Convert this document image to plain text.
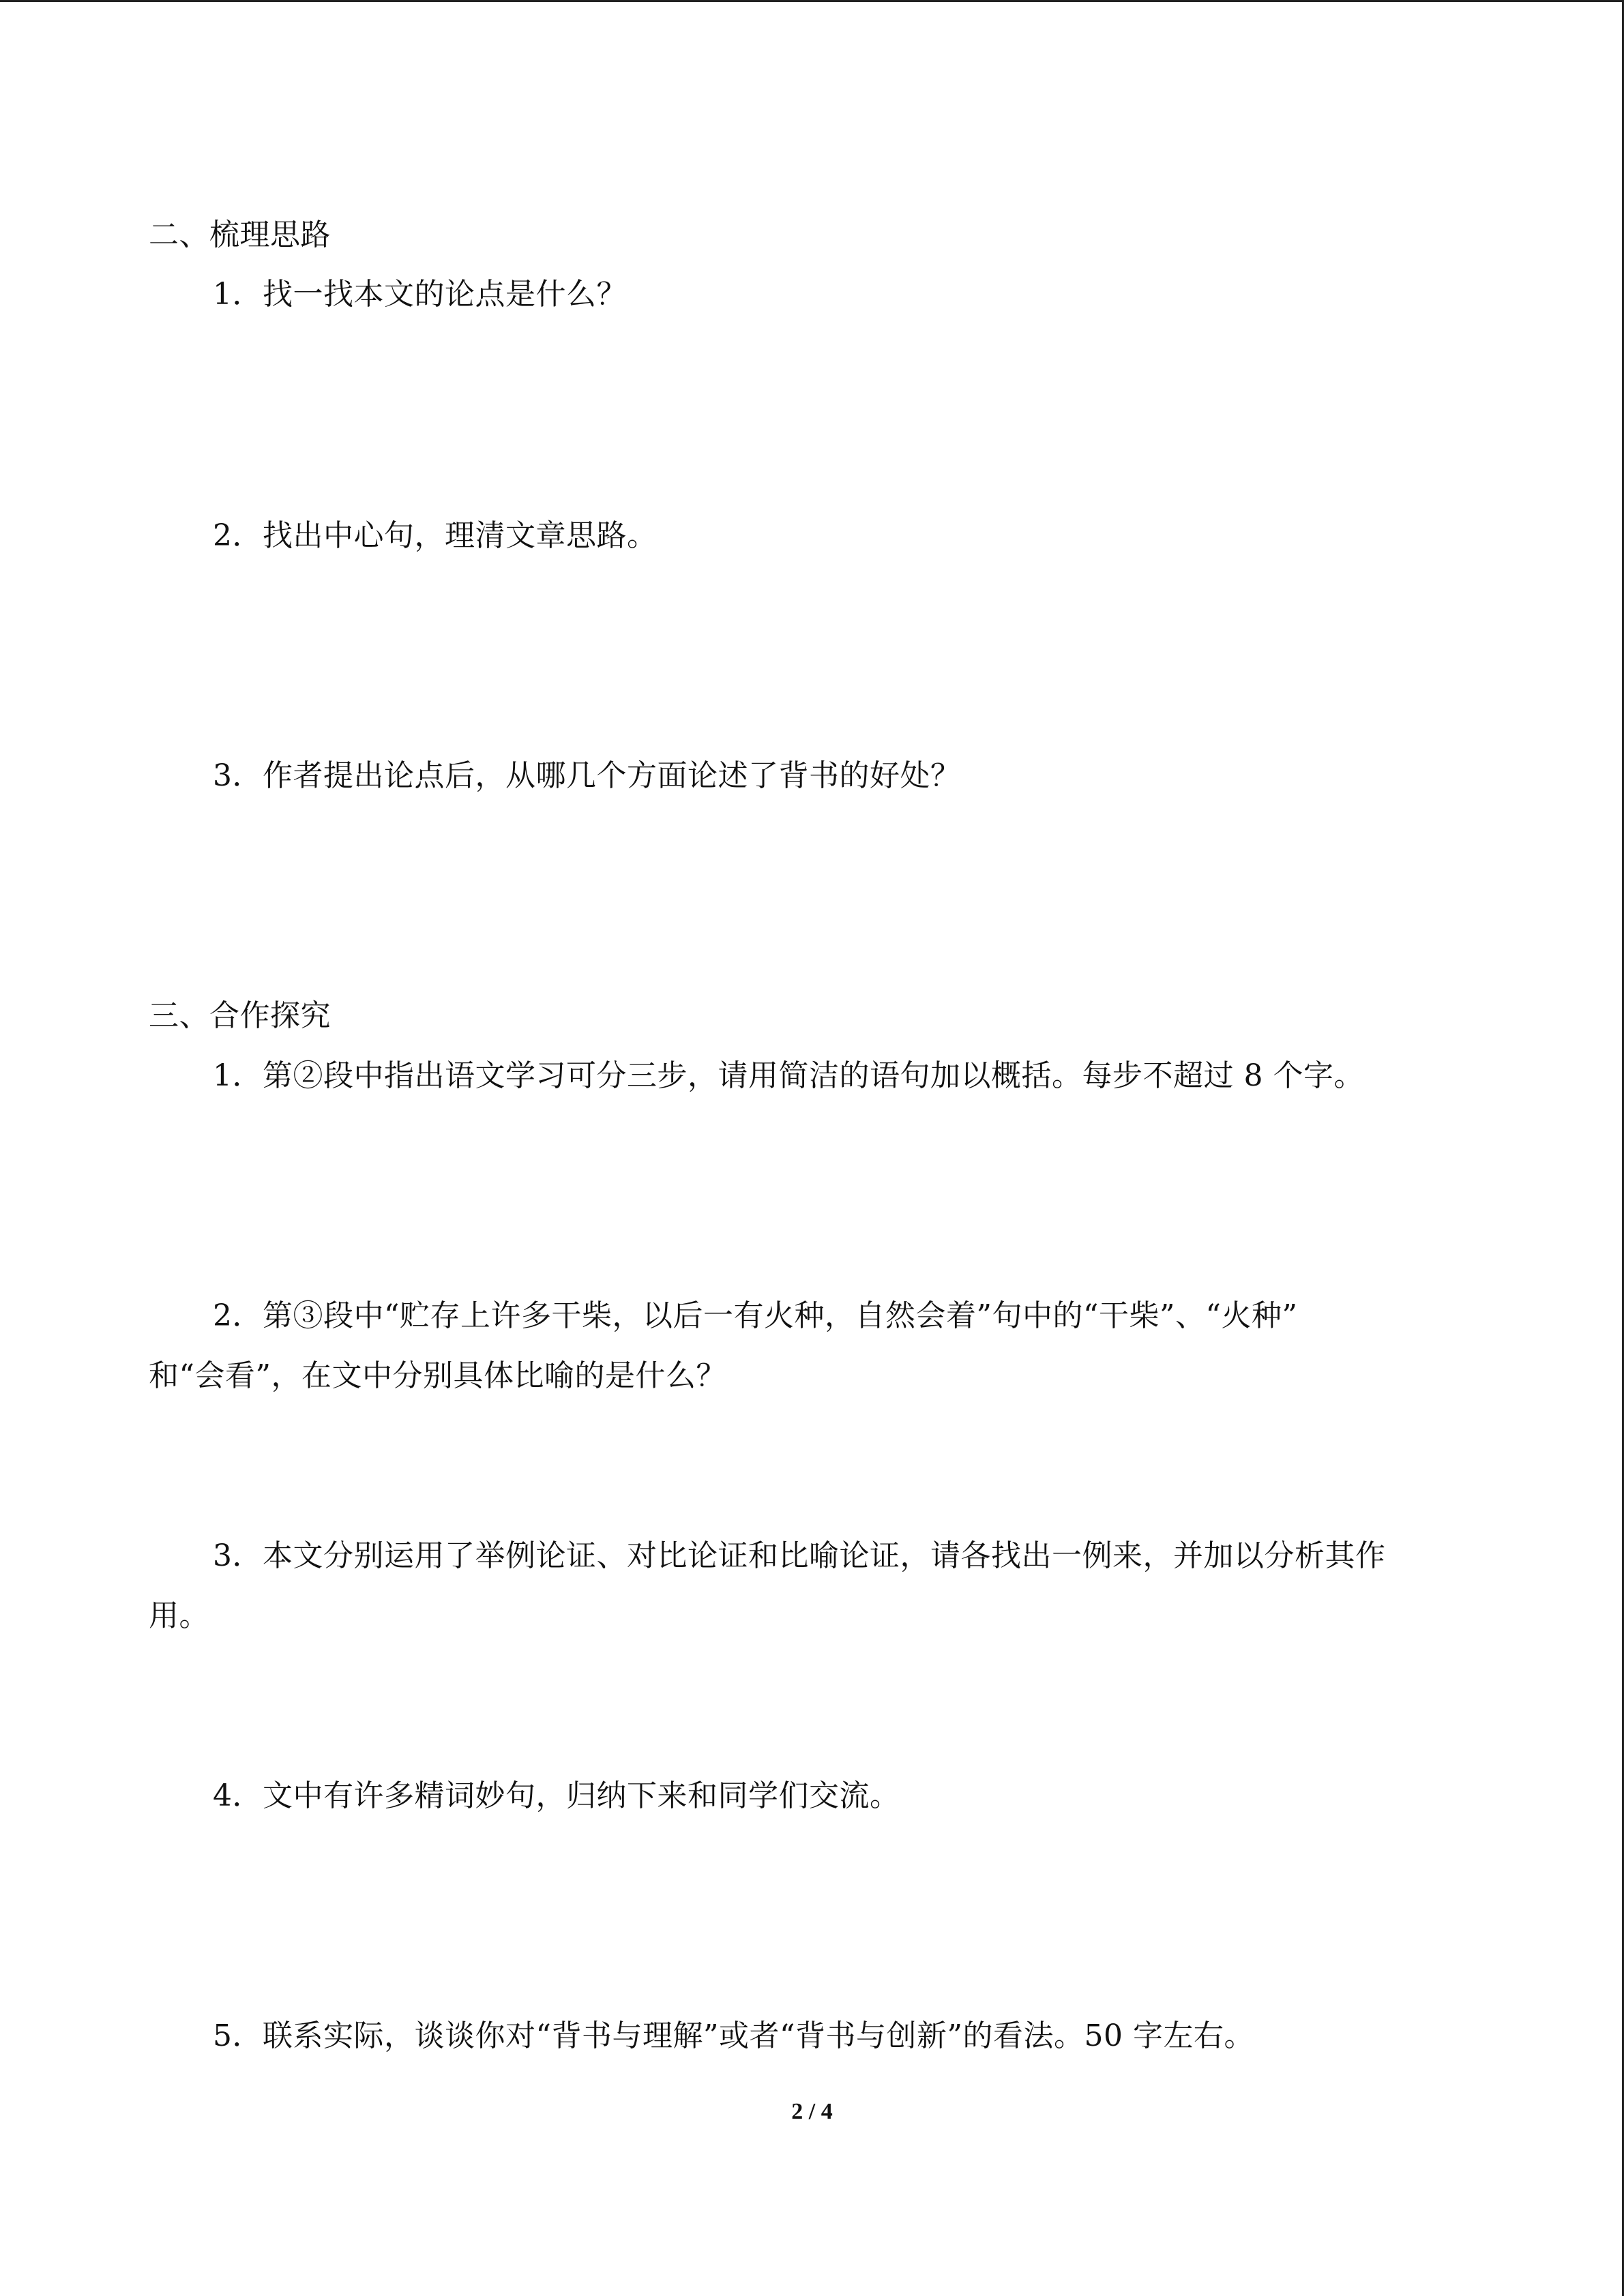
二、梳理思路
1．找一找本文的论点是什么？
2．找出中心句，理清文章思路。
3．作者提出论点后，从哪几个方面论述了背书的好处？
三、合作探究
1．第②段中指出语文学习可分三步，请用简洁的语句加以概括。每步不超过 8 个字。
2．第③段中“贮存上许多干柴，以后一有火种，自然会着”句中的“干柴”、“火种”
和“会看”，在文中分别具体比喻的是什么？
3．本文分别运用了举例论证、对比论证和比喻论证，请各找出一例来，并加以分析其作
用。
4．文中有许多精词妙句，归纳下来和同学们交流。
5．联系实际，谈谈你对“背书与理解”或者“背书与创新”的看法。50 字左右。
2 / 4
